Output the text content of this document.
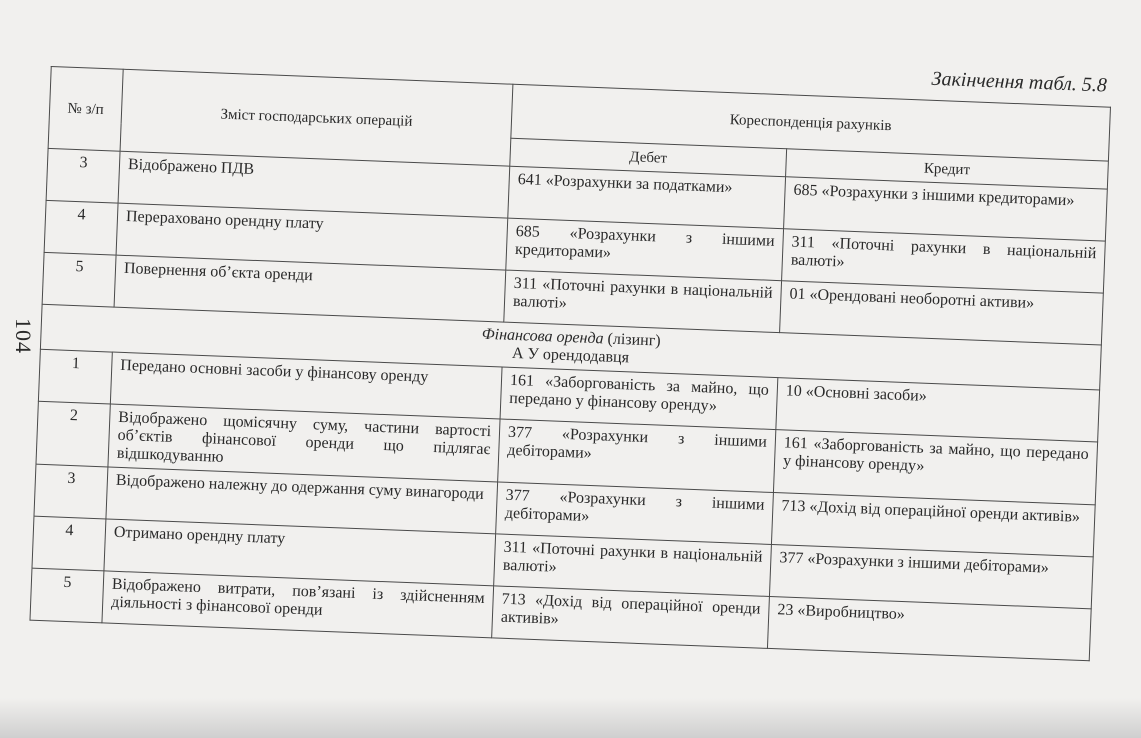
104
Закінчення табл. 5.8
№ з/п	Зміст господарських операцій	Кореспонденція рахунків	
		Дебет	Кредит
3	Відображено ПДВ	641 «Розрахунки за податками»	685 «Розрахунки з іншими кредиторами»
4	Перераховано орендну плату	685 «Розрахунки з іншими кредиторами»	311 «Поточні рахунки в національній валюті»
5	Повернення об’єкта оренди	311 «Поточні рахунки в національній валюті»	01 «Орендовані необоротні активи»
Фінансова оренда (лізинг)
А У орендодавця			
1	Передано основні засоби у фінансову оренду	161 «Заборгованість за майно, що передано у фінансову оренду»	10 «Основні засоби»
2	Відображено щомісячну суму, частини вартості об’єктів фінансової оренди що підлягає відшкодуванню	377 «Розрахунки з іншими дебіторами»	161 «Заборгованість за майно, що передано у фінансову оренду»
3	Відображено належну до одержання суму винагороди	377 «Розрахунки з іншими дебіторами»	713 «Дохід від операційної оренди активів»
4	Отримано орендну плату	311 «Поточні рахунки в національній валюті»	377 «Розрахунки з іншими дебіторами»
5	Відображено витрати, пов’язані із здійсненням діяльності з фінансової оренди	713 «Дохід від операційної оренди активів»	23 «Виробництво»
